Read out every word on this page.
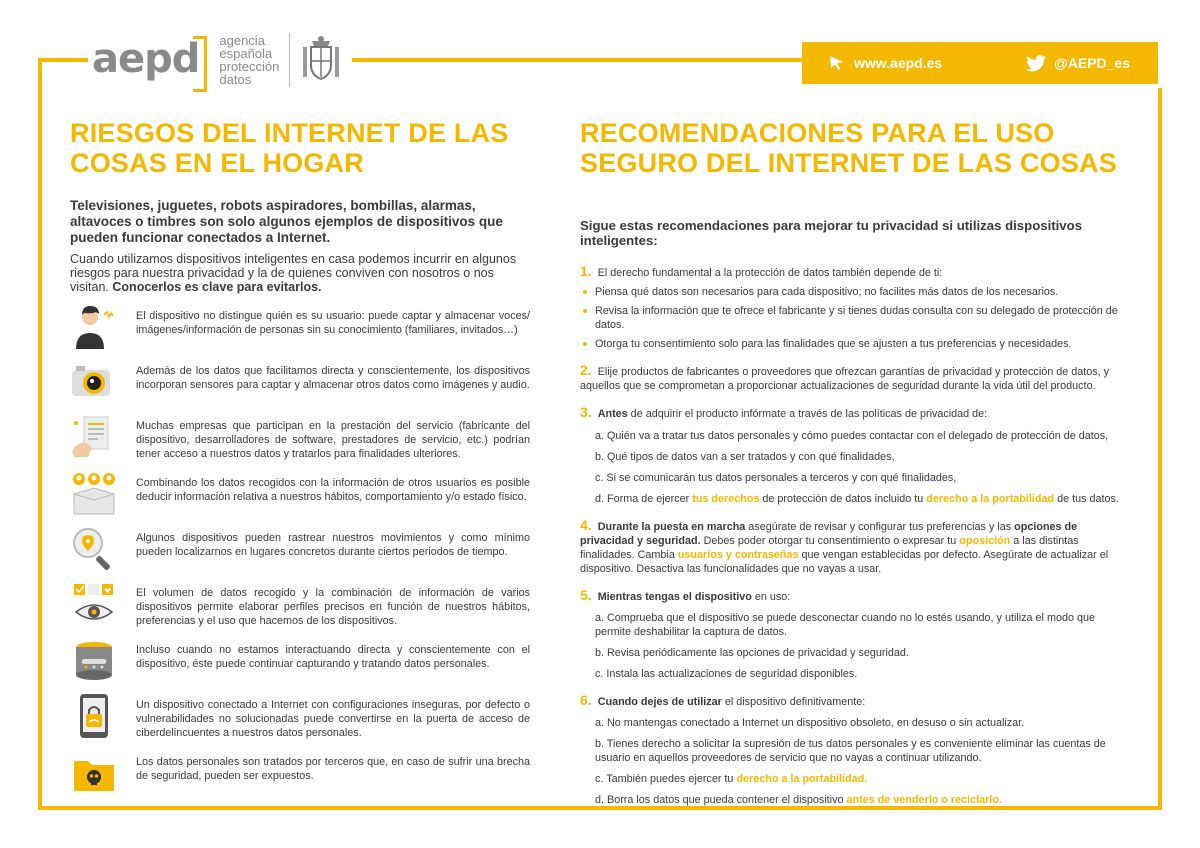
aepd	agencia
española
protección
datos
www.aepd.es	@AEPD_es
RIESGOS DEL INTERNET DE LAS
COSAS EN EL HOGAR

Televisiones, juguetes, robots aspiradores, bombillas, alarmas, altavoces o timbres son solo algunos ejemplos de dispositivos que pueden funcionar conectados a Internet.

Cuando utilizamos dispositivos inteligentes en casa podemos incurrir en algunos riesgos para nuestra privacidad y la de quienes conviven con nosotros o nos visitan. Conocerlos es clave para evitarlos.

El dispositivo no distingue quién es su usuario: puede captar y almacenar voces/ imágenes/información de personas sin su conocimiento (familiares, invitados…)
Además de los datos que facilitamos directa y conscientemente, los dispositivos incorporan sensores para captar y almacenar otros datos como imágenes y audio.
Muchas empresas que participan en la prestación del servicio (fabricante del dispositivo, desarrolladores de software, prestadores de servicio, etc.) podrían tener acceso a nuestros datos y tratarlos para finalidades ulteriores.
Combinando los datos recogidos con la información de otros usuarios es posible deducir información relativa a nuestros hábitos, comportamiento y/o estado físico.
Algunos dispositivos pueden rastrear nuestros movimientos y como mínimo pueden localizarnos en lugares concretos durante ciertos periodos de tiempo.
El volumen de datos recogido y la combinación de información de varios dispositivos permite elaborar perfiles precisos en función de nuestros hábitos, preferencias y el uso que hacemos de los dispositivos.
Incluso cuando no estamos interactuando directa y conscientemente con el dispositivo, éste puede continuar capturando y tratando datos personales.
Un dispositivo conectado a Internet con configuraciones inseguras, por defecto o vulnerabilidades no solucionadas puede convertirse en la puerta de acceso de ciberdelincuentes a nuestros datos personales.
Los datos personales son tratados por terceros que, en caso de sufrir una brecha de seguridad, pueden ser expuestos.
RECOMENDACIONES PARA EL USO
SEGURO DEL INTERNET DE LAS COSAS

Sigue estas recomendaciones para mejorar tu privacidad si utilizas dispositivos inteligentes:

1. El derecho fundamental a la protección de datos también depende de ti:
Piensa qué datos son necesarios para cada dispositivo; no facilites más datos de los necesarios.
Revisa la información que te ofrece el fabricante y si tienes dudas consulta con su delegado de protección de datos.
Otorga tu consentimiento solo para las finalidades que se ajusten a tus preferencias y necesidades.
2. Elije productos de fabricantes o proveedores que ofrezcan garantías de privacidad y protección de datos, y aquellos que se comprometan a proporcionar actualizaciones de seguridad durante la vida útil del producto.
3. Antes de adquirir el producto infórmate a través de las políticas de privacidad de:
a. Quién va a tratar tus datos personales y cómo puedes contactar con el delegado de protección de datos,
b. Qué tipos de datos van a ser tratados y con qué finalidades,
c. Si se comunicarán tus datos personales a terceros y con qué finalidades,
d. Forma de ejercer tus derechos de protección de datos incluido tu derecho a la portabilidad de tus datos.
4. Durante la puesta en marcha asegúrate de revisar y configurar tus preferencias y las opciones de privacidad y seguridad. Debes poder otorgar tu consentimiento o expresar tu oposición a las distintas finalidades. Cambia usuarios y contraseñas que vengan establecidas por defecto. Asegúrate de actualizar el dispositivo. Desactiva las funcionalidades que no vayas a usar.
5. Mientras tengas el dispositivo en uso:
a. Comprueba que el dispositivo se puede desconectar cuando no lo estés usando, y utiliza el modo que permite deshabilitar la captura de datos.
b. Revisa periódicamente las opciones de privacidad y seguridad.
c. Instala las actualizaciones de seguridad disponibles.
6. Cuando dejes de utilizar el dispositivo definitivamente:
a. No mantengas conectado a Internet un dispositivo obsoleto, en desuso o sin actualizar.
b. Tienes derecho a solicitar la supresión de tus datos personales y es conveniente eliminar las cuentas de usuario en aquellos proveedores de servicio que no vayas a continuar utilizando.
c. También puedes ejercer tu derecho a la portabilidad.
d. Borra los datos que pueda contener el dispositivo antes de venderlo o reciclarlo.
